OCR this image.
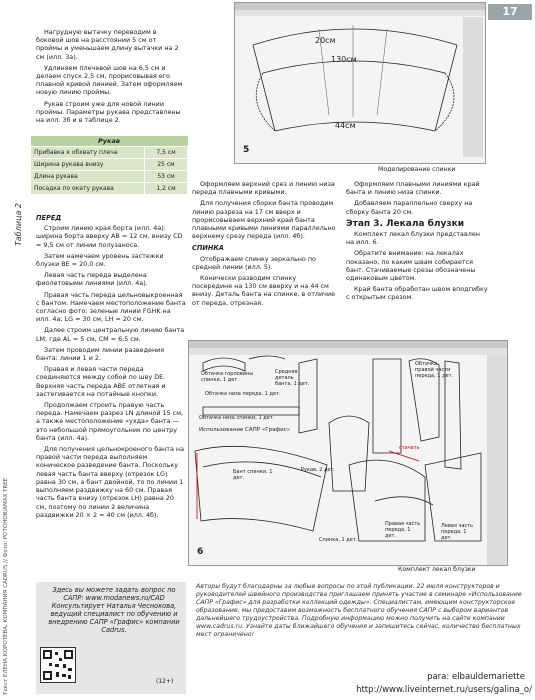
17
Текст ЕЛЕНА КОРОТЕВА, КОМПАНИЯ CADRUS // Фото: РОТОНОВ/АМАХ TREE

Нагрудную вытачку переводим в боковой шов на расстоянии 5 см от проймы и уменьшаем длину вытачки на 2 см (илл. 3а).

Удлиняем плечевой шов на 6,5 см и делаем спуск 2,5 см, прорисовывая его плавной кривой линией. Затем оформляем новую линию проймы.

Рукав строим уже для новой линии проймы. Параметры рукава представлены на илл. 3б и в таблице 2.

Таблица 2
Рукав	
Прибавка к обхвату плеча	7,5 см
Ширина рукава внизу	25 см
Длина рукава	53 см
Посадка по окату рукава	1,2 см
ПЕРЕД

Строим линию края борта (илл. 4а): ширина борта вверху AB = 12 см, внизу CD = 9,5 см от линии полузаноса.

Затем намечаем уровень застежки блузки BE = 20,0 см.

Левая часть переда выделена фиолетовыми линиями (илл. 4а).

Правая часть переда цельновыкроенная с бантом. Намечаем местоположение банта согласно фото: зеленые линии FGHK на илл. 4а; LG = 30 см, LH = 20 см.

Далее строим центральную линию банта LM, где AL = 5 см, CM = 6,5 см.

Затем проводим линии разведения банта: линии 1 и 2.

Правая и левая части переда соединяются между собой по шву DE. Верхняя часть переда ABE отлетная и застегивается на потайные кнопки.

Продолжаем строить правую часть переда. Намечаем разрез LN длиной 15 см, а также местоположение «ухда» банта — это небольшой прямоугольник по центру банта (илл. 4а).

Для получения цельнокроеного банта на правой части переда выполняем коническое разведение банта. Поскольку левая часть банта вверху (отрезок LG) равна 30 см, а бант двойной, то по линии 1 выполняем раздвижку на 60 см. Правая часть банта внизу (отрезок LH) равна 20 см, поэтому по линии 2 величина раздвижки 20 × 2 = 40 см (илл. 4б).

20см
130см
44см
5
Моделирование спинки

Оформляем верхний срез и линию низа переда плавными кривыми.

Для получения сборки банта проводим линию разреза на 17 см вверх и прорисовываем верхний край банта плавными кривыми линиями параллельно верхнему срезу переда (илл. 4б).

СПИНКА

Отображаем спинку зеркально по средней линии (илл. 5).

Конически разводим спинку посередине на 130 см вверху и на 44 см внизу. Деталь банта на спинке, в отличие от переда, отрезная.

Оформляем плавными линиями край банта и линию низа спинки.

Добавляем параллельно сверху на сборку банта 20 см.

Этап 3. Лекала блузки

Комплект лекал блузки представлен на илл. 6.

Обратите внимание: на лекалах показано, по каким швам собирается бант. Стачиваемые срезы обозначены одинаковым цветом.

Край банта обработан швом вподгибку с открытым срезом.

Обтачка горловины спинки, 1 дет.
Обтачка низа переда, 1 дет.
Средняя деталь банта, 1 дет.
Обтачка правой части переда, 1 дет.
Обтачка низа спинки, 1 дет.
Использование САПР «Графис»
Рукав, 2 дет.
Бант спинки, 1 дет.
Спинка, 1 дет.
Правая часть переда, 1 дет.
Левая часть переда, 1 дет.
стачать
6
Комплект лекал блузки
Здесь вы можете задать вопрос по САПР: www.modanews.ru/CAD Консультирует Наталья Чеснокова, ведущий специалист по обучению и внедрению САПР «Графис» компании Cadrus.
(12+)
Авторы будут благодарны за любые вопросы по этой публикации. 22 июля конструкторов и руководителей швейного производства приглашаем принять участие в семинаре «Использование САПР «Графис» для разработки коллекций одежды». Специалистам, имеющим конструкторское образование, мы предоставим возможность бесплатного обучения САПР с выбором вариантов дальнейшего трудоустройства. Подробную информацию можно получить на сайте компании www.cadrus.ru. Узнайте даты ближайшего обучения и запишитесь сейчас, количество бесплатных мест ограничено!
para: elbauldemariette
http://www.liveinternet.ru/users/galina_o/
